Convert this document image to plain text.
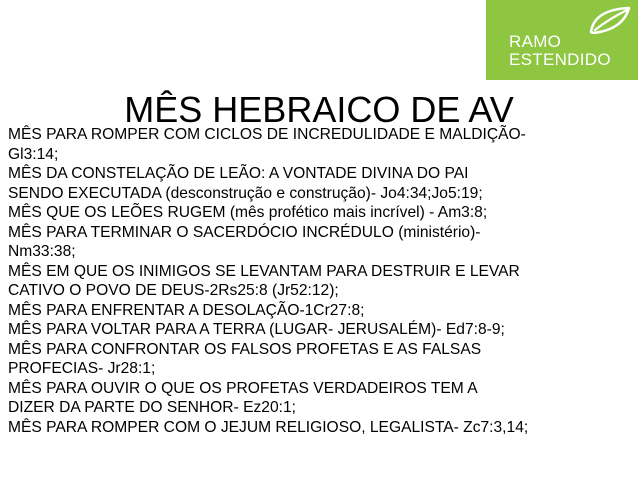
RAMO
ESTENDIDO
MÊS HEBRAICO DE AV
MÊS PARA ROMPER COM CICLOS DE INCREDULIDADE E MALDIÇÃO-
Gl3:14;
MÊS DA CONSTELAÇÃO DE LEÃO: A VONTADE DIVINA DO PAI
SENDO EXECUTADA (desconstrução e construção)- Jo4:34;Jo5:19;
MÊS QUE OS LEÕES RUGEM (mês profético mais incrível) - Am3:8;
MÊS PARA TERMINAR O SACERDÓCIO INCRÉDULO (ministério)-
Nm33:38;
MÊS EM QUE OS INIMIGOS SE LEVANTAM PARA DESTRUIR E LEVAR
CATIVO O POVO DE DEUS-2Rs25:8 (Jr52:12);
MÊS PARA ENFRENTAR A DESOLAÇÃO-1Cr27:8;
MÊS PARA VOLTAR PARA A TERRA (LUGAR- JERUSALÉM)- Ed7:8-9;
MÊS PARA CONFRONTAR OS FALSOS PROFETAS E AS FALSAS
PROFECIAS- Jr28:1;
MÊS PARA OUVIR O QUE OS PROFETAS VERDADEIROS TEM A
DIZER DA PARTE DO SENHOR- Ez20:1;
MÊS PARA ROMPER COM O JEJUM RELIGIOSO, LEGALISTA- Zc7:3,14;
